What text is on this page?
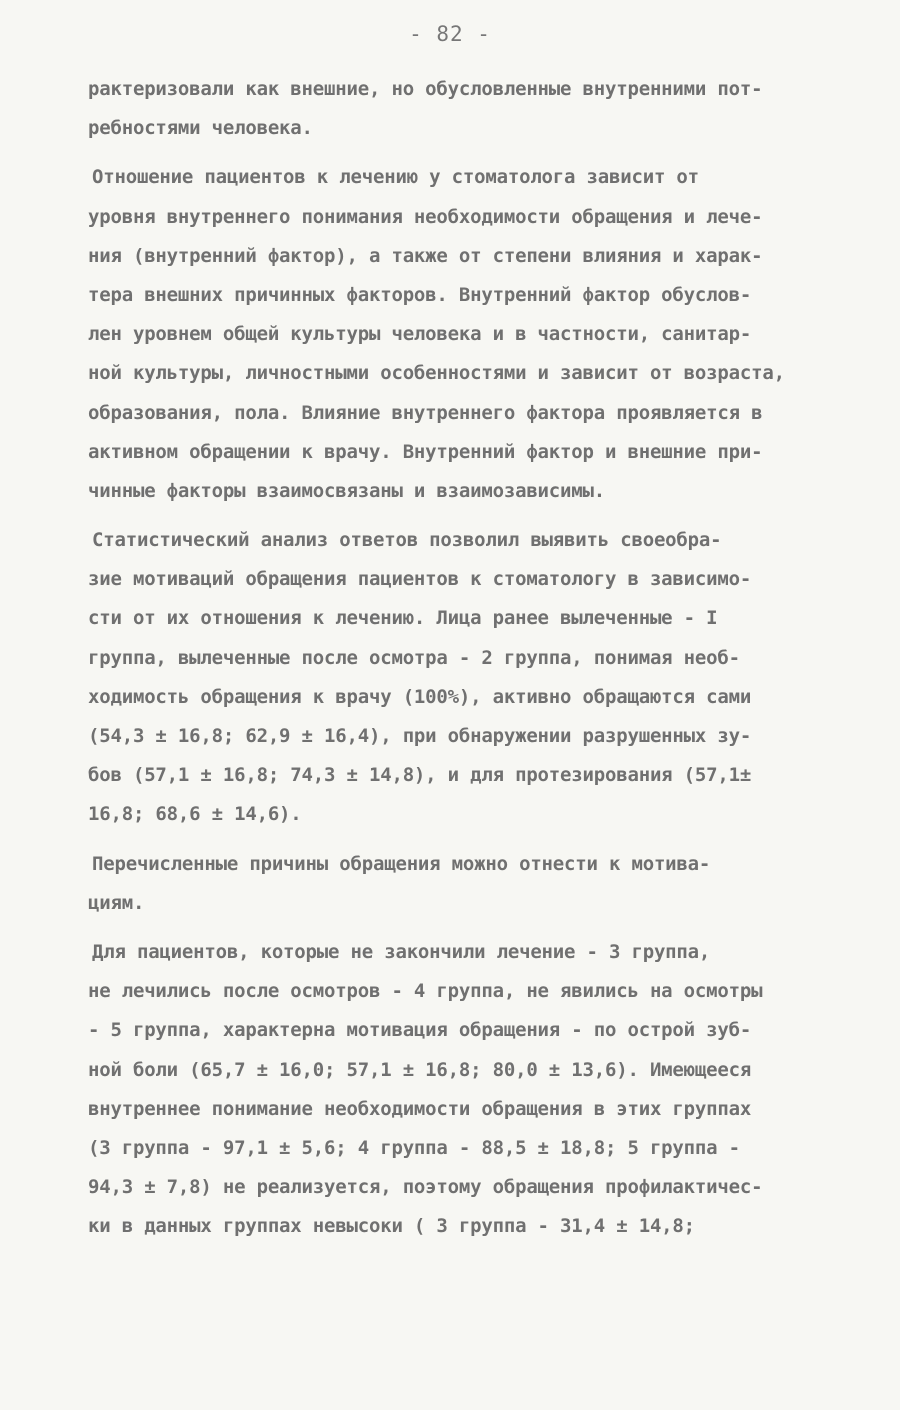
- 82 -
рактеризовали как внешние, но обусловленные внутренними пот-
ребностями человека.
Отношение пациентов к лечению у стоматолога зависит от
уровня внутреннего понимания необходимости обращения и лече-
ния (внутренний фактор), а также от степени влияния и харак-
тера внешних причинных факторов. Внутренний фактор обуслов-
лен уровнем общей культуры человека и в частности, санитар-
ной культуры, личностными особенностями и зависит от возраста,
образования, пола. Влияние внутреннего фактора проявляется в
активном обращении к врачу. Внутренний фактор и внешние при-
чинные факторы взаимосвязаны и взаимозависимы.
Статистический анализ ответов позволил выявить своеобра-
зие мотиваций обращения пациентов к стоматологу в зависимо-
сти от их отношения к лечению. Лица ранее вылеченные - I
группа, вылеченные после осмотра - 2 группа, понимая необ-
ходимость обращения к врачу (100%), активно обращаются сами
(54,3 ± 16,8; 62,9 ± 16,4), при обнаружении разрушенных зу-
бов (57,1 ± 16,8; 74,3 ± 14,8), и для протезирования (57,1±
16,8; 68,6 ± 14,6).
Перечисленные причины обращения можно отнести к мотива-
циям.
Для пациентов, которые не закончили лечение - 3 группа,
не лечились после осмотров - 4 группа, не явились на осмотры
- 5 группа, характерна мотивация обращения - по острой зуб-
ной боли (65,7 ± 16,0; 57,1 ± 16,8; 80,0 ± 13,6). Имеющееся
внутреннее понимание необходимости обращения в этих группах
(3 группа - 97,1 ± 5,6; 4 группа - 88,5 ± 18,8; 5 группа -
94,3 ± 7,8) не реализуется, поэтому обращения профилактичес-
ки в данных группах невысоки ( 3 группа - 31,4 ± 14,8;
